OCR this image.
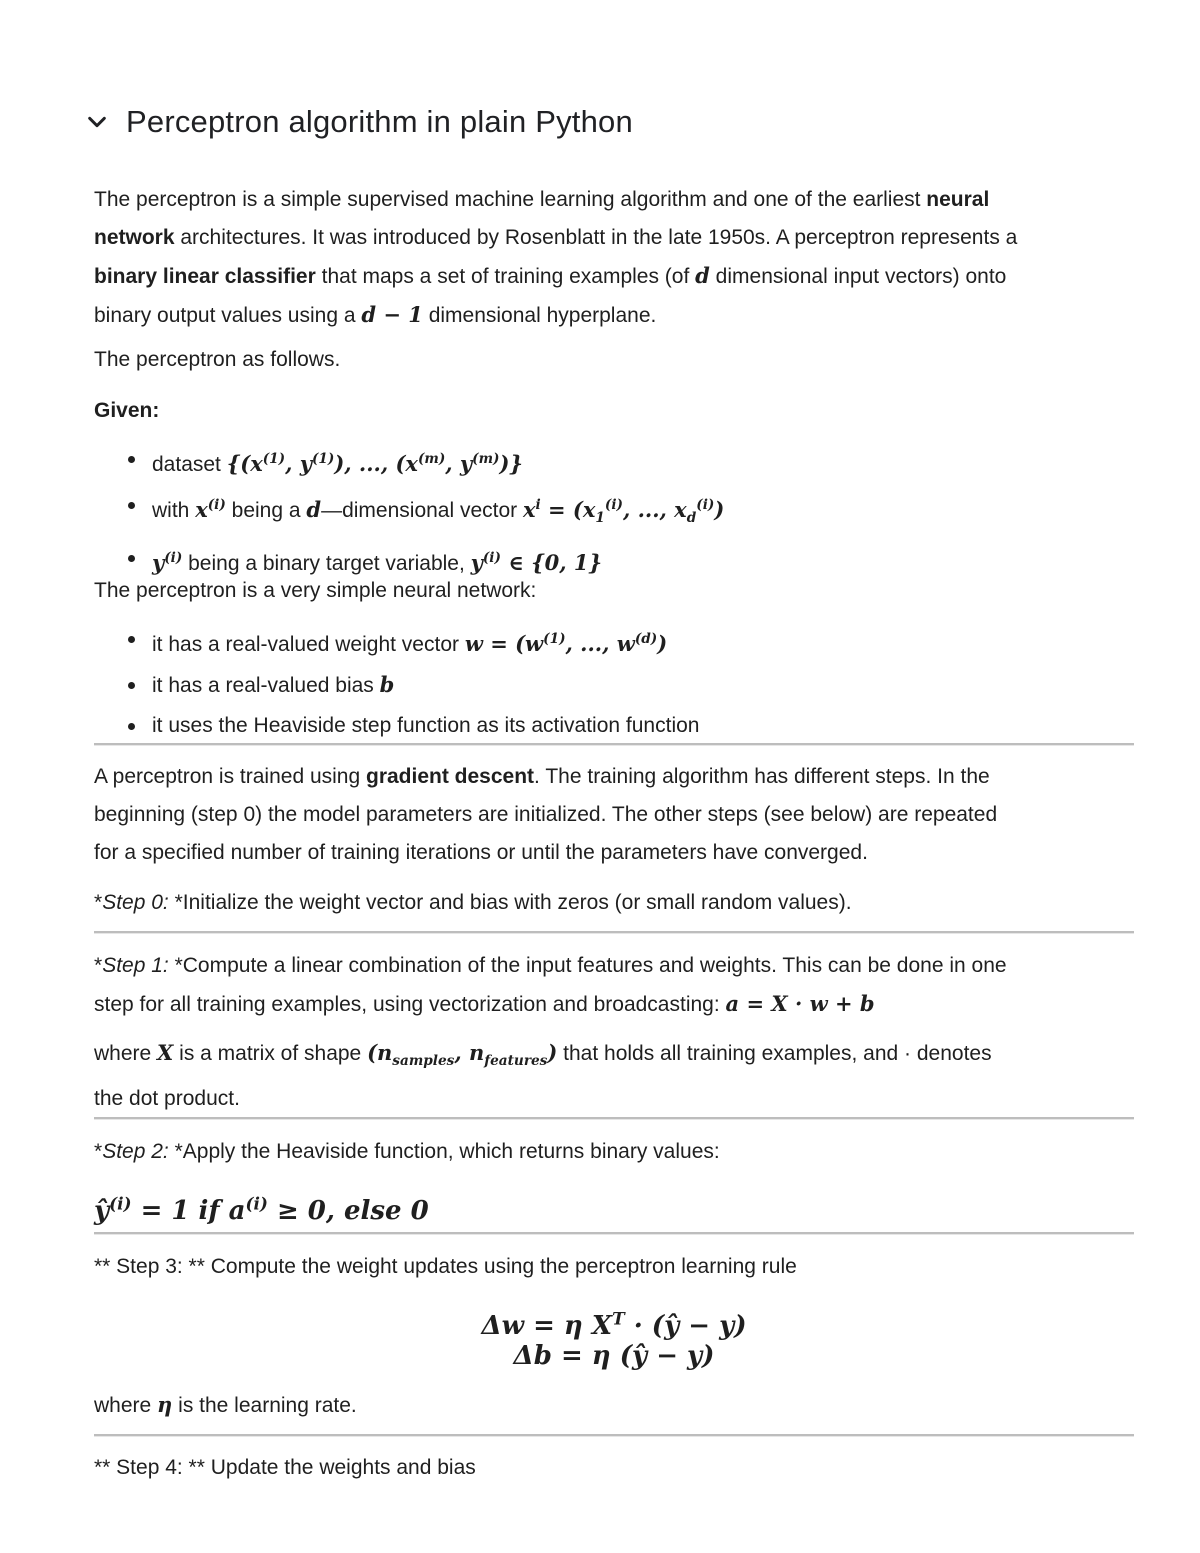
Perceptron algorithm in plain Python

The perceptron is a simple supervised machine learning algorithm and one of the earliest neural
network architectures. It was introduced by Rosenblatt in the late 1950s. A perceptron represents a
binary linear classifier that maps a set of training examples (of d dimensional input vectors) onto
binary output values using a d − 1 dimensional hyperplane.

The perceptron as follows.

Given:

dataset {($x^{(1)}$, $y^{(1)}$), ..., ($x^{(m)}$, $y^{(m)}$)}
with $x^{(i)}$ being a d—dimensional vector $x^i = (x_1^{(i)}$, ..., $x_d^{(i)}$)
$y^{(i)}$ being a binary target variable, $y^{(i)}$ ∈ {0, 1}

The perceptron is a very simple neural network:

it has a real-valued weight vector $w = (w^{(1)}$, ..., $w^{(d)}$)
it has a real-valued bias b
it uses the Heaviside step function as its activation function

A perceptron is trained using gradient descent. The training algorithm has different steps. In the
beginning (step 0) the model parameters are initialized. The other steps (see below) are repeated
for a specified number of training iterations or until the parameters have converged.

*Step 0: *Initialize the weight vector and bias with zeros (or small random values).

*Step 1: *Compute a linear combination of the input features and weights. This can be done in one
step for all training examples, using vectorization and broadcasting: a = X · w + b

where X is a matrix of shape ($n_{samples}$, $n_{features}$) that holds all training examples, and · denotes
the dot product.

*Step 2: *Apply the Heaviside function, which returns binary values:

$ŷ^{(i)} = 1$ if $a^{(i)} \ge 0$, else 0

** Step 3: ** Compute the weight updates using the perceptron learning rule

Δw = η $X^T$ · (ŷ − y)
Δb = η (ŷ − y)

where η is the learning rate.

** Step 4: ** Update the weights and bias
